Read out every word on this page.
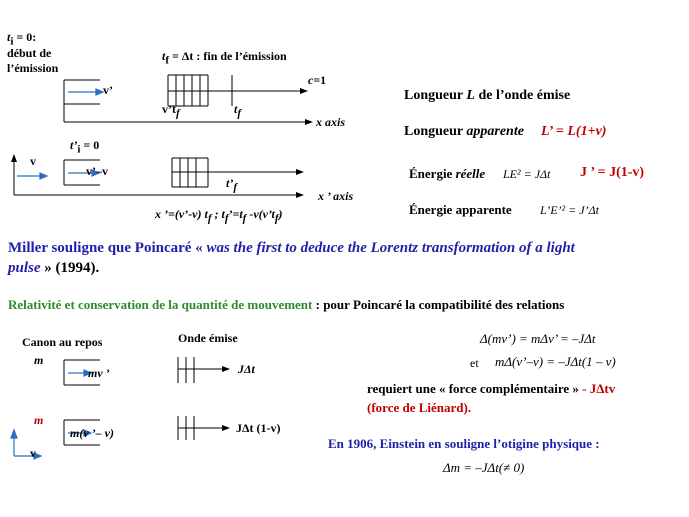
$t_i = 0$:
début de
l’émission
$t_f = \Delta t$ : fin de l’émission
v’
c=1
$v’t_f$	$t_f$
x axis
$t’_i = 0$
v
v’–v
$t’_f$
x ’ axis
x ’=(v’-v) $t_f$ ; $t_f’=t_f$ $-v(v’t_f)$
Longueur L de l’onde émise
Longueur apparente L’ = L(1+v)
Énergie réelle LE² = JΔt J ’ = J(1-v)
Énergie apparente L’E’² = J’Δt
Miller souligne que Poincaré « was the first to deduce the Lorentz transformation of a light
pulse » (1994).
Relativité et conservation de la quantité de mouvement : pour Poincaré la compatibilité des relations
Canon au repos	Onde émise
m
mv ’	JΔt
m
m(v ’– v)	JΔt (1-v)
v
Δ(mv’) = mΔv’ = –JΔt
et mΔ(v’–v) = –JΔt(1 – v)
requiert une « force complémentaire » - JΔtv
(force de Liénard).
En 1906, Einstein en souligne l’otigine physique :
Δm = –JΔt(≠ 0)
